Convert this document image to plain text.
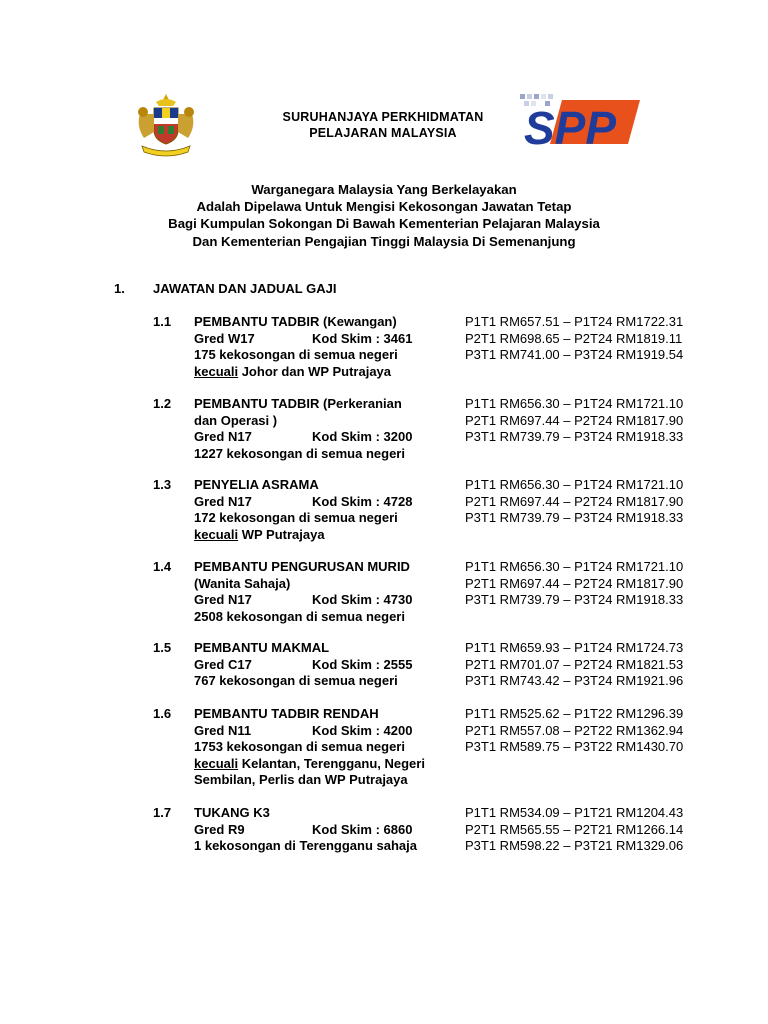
SURUHANJAYA PERKHIDMATAN
PELAJARAN MALAYSIA	SPP
Warganegara Malaysia Yang Berkelayakan
Adalah Dipelawa Untuk Mengisi Kekosongan Jawatan Tetap
Bagi Kumpulan Sokongan Di Bawah Kementerian Pelajaran Malaysia
Dan Kementerian Pengajian Tinggi Malaysia Di Semenanjung
1.	JAWATAN DAN JADUAL GAJI
1.1 PEMBANTU TADBIR (Kewangan)
Gred W17	Kod Skim : 3461
175 kekosongan di semua negeri
kecuali Johor dan WP Putrajaya
P1T1 RM657.51 – P1T24 RM1722.31
P2T1 RM698.65 – P2T24 RM1819.11
P3T1 RM741.00 – P3T24 RM1919.54
1.2 PEMBANTU TADBIR (Perkeranian
dan Operasi )
Gred N17	Kod Skim : 3200
1227 kekosongan di semua negeri
P1T1 RM656.30 – P1T24 RM1721.10
P2T1 RM697.44 – P2T24 RM1817.90
P3T1 RM739.79 – P3T24 RM1918.33
1.3 PENYELIA ASRAMA
Gred N17	Kod Skim : 4728
172 kekosongan di semua negeri
kecuali WP Putrajaya
P1T1 RM656.30 – P1T24 RM1721.10
P2T1 RM697.44 – P2T24 RM1817.90
P3T1 RM739.79 – P3T24 RM1918.33
1.4 PEMBANTU PENGURUSAN MURID
(Wanita Sahaja)
Gred N17	Kod Skim : 4730
2508 kekosongan di semua negeri
P1T1 RM656.30 – P1T24 RM1721.10
P2T1 RM697.44 – P2T24 RM1817.90
P3T1 RM739.79 – P3T24 RM1918.33
1.5 PEMBANTU MAKMAL
Gred C17	Kod Skim : 2555
767 kekosongan di semua negeri
P1T1 RM659.93 – P1T24 RM1724.73
P2T1 RM701.07 – P2T24 RM1821.53
P3T1 RM743.42 – P3T24 RM1921.96
1.6 PEMBANTU TADBIR RENDAH
Gred N11	Kod Skim : 4200
1753 kekosongan di semua negeri
kecuali Kelantan, Terengganu, Negeri
Sembilan, Perlis dan WP Putrajaya
P1T1 RM525.62 – P1T22 RM1296.39
P2T1 RM557.08 – P2T22 RM1362.94
P3T1 RM589.75 – P3T22 RM1430.70
1.7 TUKANG K3
Gred R9	Kod Skim : 6860
1 kekosongan di Terengganu sahaja
P1T1 RM534.09 – P1T21 RM1204.43
P2T1 RM565.55 – P2T21 RM1266.14
P3T1 RM598.22 – P3T21 RM1329.06
